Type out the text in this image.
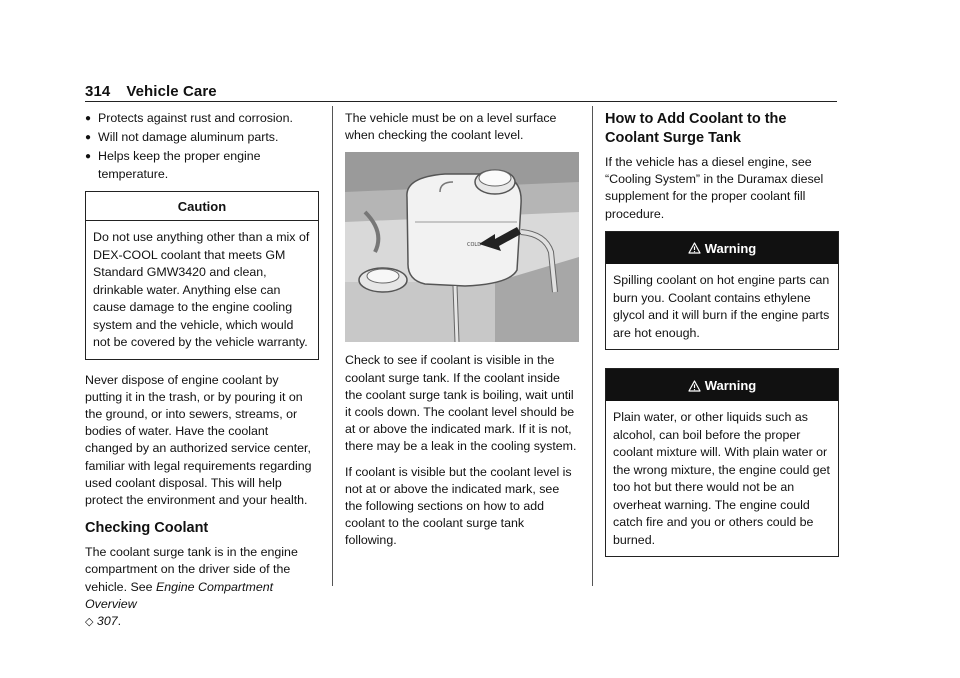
314 Vehicle Care
● Protects against rust and corrosion.
● Will not damage aluminum parts.
● Helps keep the proper engine temperature.
Caution
Do not use anything other than a mix of DEX-COOL coolant that meets GM Standard GMW3420 and clean, drinkable water. Anything else can cause damage to the engine cooling system and the vehicle, which would not be covered by the vehicle warranty.

Never dispose of engine coolant by putting it in the trash, or by pouring it on the ground, or into sewers, streams, or bodies of water. Have the coolant changed by an authorized service center, familiar with legal requirements regarding used coolant disposal. This will help protect the environment and your health.

Checking Coolant

The coolant surge tank is in the engine compartment on the driver side of the vehicle. See Engine Compartment Overview
◇ 307.

The vehicle must be on a level surface when checking the coolant level.

COLD

Check to see if coolant is visible in the coolant surge tank. If the coolant inside the coolant surge tank is boiling, wait until it cools down. The coolant level should be at or above the indicated mark. If it is not, there may be a leak in the cooling system.

If coolant is visible but the coolant level is not at or above the indicated mark, see the following sections on how to add coolant to the coolant surge tank following.

How to Add Coolant to the Coolant Surge Tank

If the vehicle has a diesel engine, see “Cooling System” in the Duramax diesel supplement for the proper coolant fill procedure.

Warning
Spilling coolant on hot engine parts can burn you. Coolant contains ethylene glycol and it will burn if the engine parts are hot enough.
Warning
Plain water, or other liquids such as alcohol, can boil before the proper coolant mixture will. With plain water or the wrong mixture, the engine could get too hot but there would not be an overheat warning. The engine could catch fire and you or others could be burned.
